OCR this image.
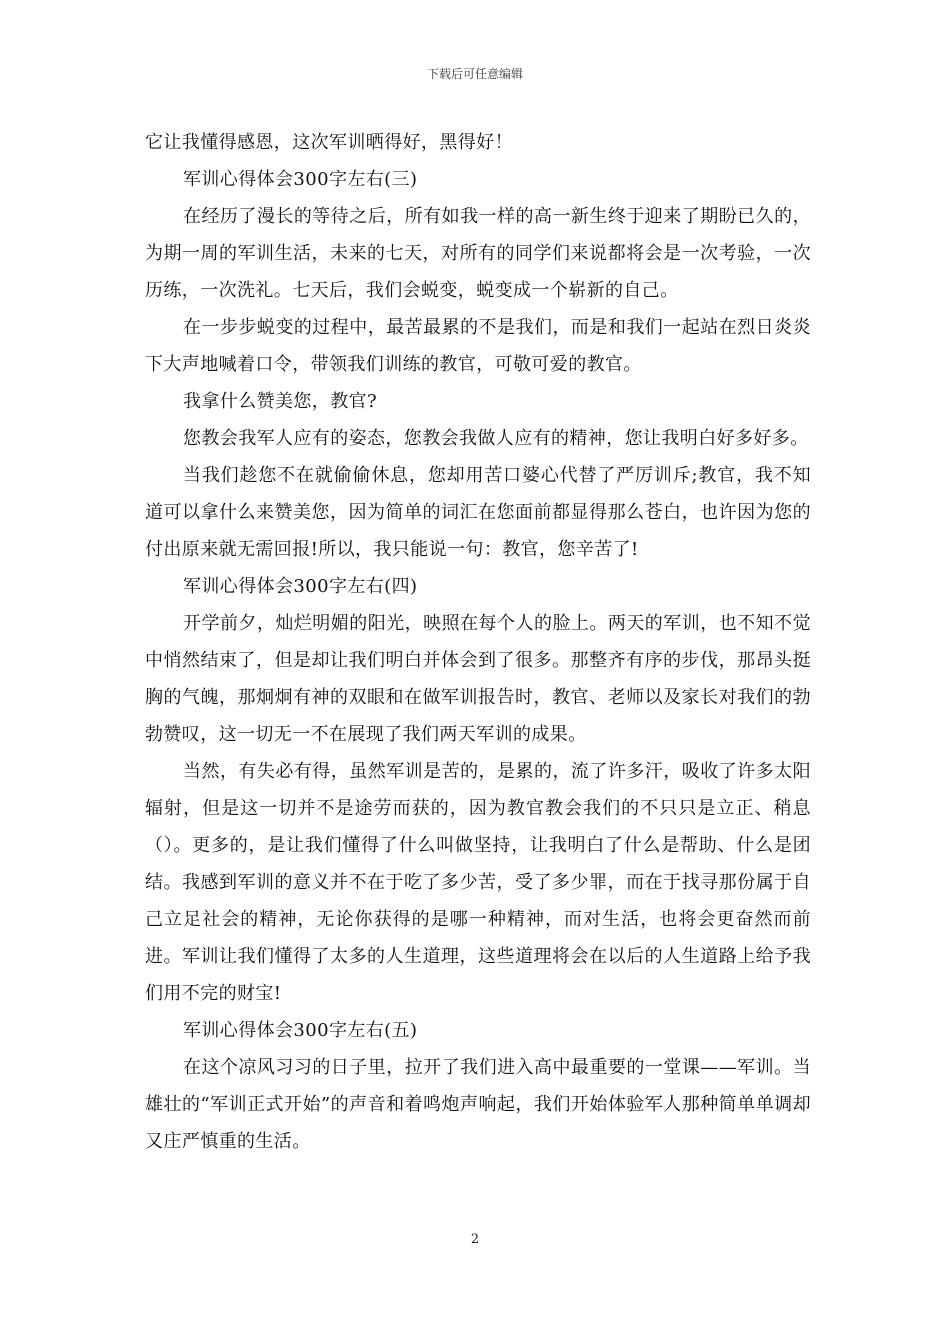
下载后可任意编辑

它让我懂得感恩，这次军训晒得好，黑得好！

军训心得体会300字左右(三)

在经历了漫长的等待之后，所有如我一样的高一新生终于迎来了期盼已久的，为期一周的军训生活，未来的七天，对所有的同学们来说都将会是一次考验，一次历练，一次洗礼。七天后，我们会蜕变，蜕变成一个崭新的自己。

在一步步蜕变的过程中，最苦最累的不是我们，而是和我们一起站在烈日炎炎下大声地喊着口令，带领我们训练的教官，可敬可爱的教官。

我拿什么赞美您，教官?

您教会我军人应有的姿态，您教会我做人应有的精神，您让我明白好多好多。

当我们趁您不在就偷偷休息，您却用苦口婆心代替了严厉训斥;教官，我不知道可以拿什么来赞美您，因为简单的词汇在您面前都显得那么苍白，也许因为您的付出原来就无需回报!所以，我只能说一句：教官，您辛苦了!

军训心得体会300字左右(四)

开学前夕，灿烂明媚的阳光，映照在每个人的脸上。两天的军训，也不知不觉中悄然结束了，但是却让我们明白并体会到了很多。那整齐有序的步伐，那昂头挺胸的气魄，那炯炯有神的双眼和在做军训报告时，教官、老师以及家长对我们的勃勃赞叹，这一切无一不在展现了我们两天军训的成果。

当然，有失必有得，虽然军训是苦的，是累的，流了许多汗，吸收了许多太阳辐射，但是这一切并不是途劳而获的，因为教官教会我们的不只只是立正、稍息（）。更多的，是让我们懂得了什么叫做坚持，让我明白了什么是帮助、什么是团结。我感到军训的意义并不在于吃了多少苦，受了多少罪，而在于找寻那份属于自己立足社会的精神，无论你获得的是哪一种精神，而对生活，也将会更奋然而前进。军训让我们懂得了太多的人生道理，这些道理将会在以后的人生道路上给予我们用不完的财宝!

军训心得体会300字左右(五)

在这个凉风习习的日子里，拉开了我们进入高中最重要的一堂课——军训。当雄壮的“军训正式开始”的声音和着鸣炮声响起，我们开始体验军人那种简单单调却又庄严慎重的生活。

2
